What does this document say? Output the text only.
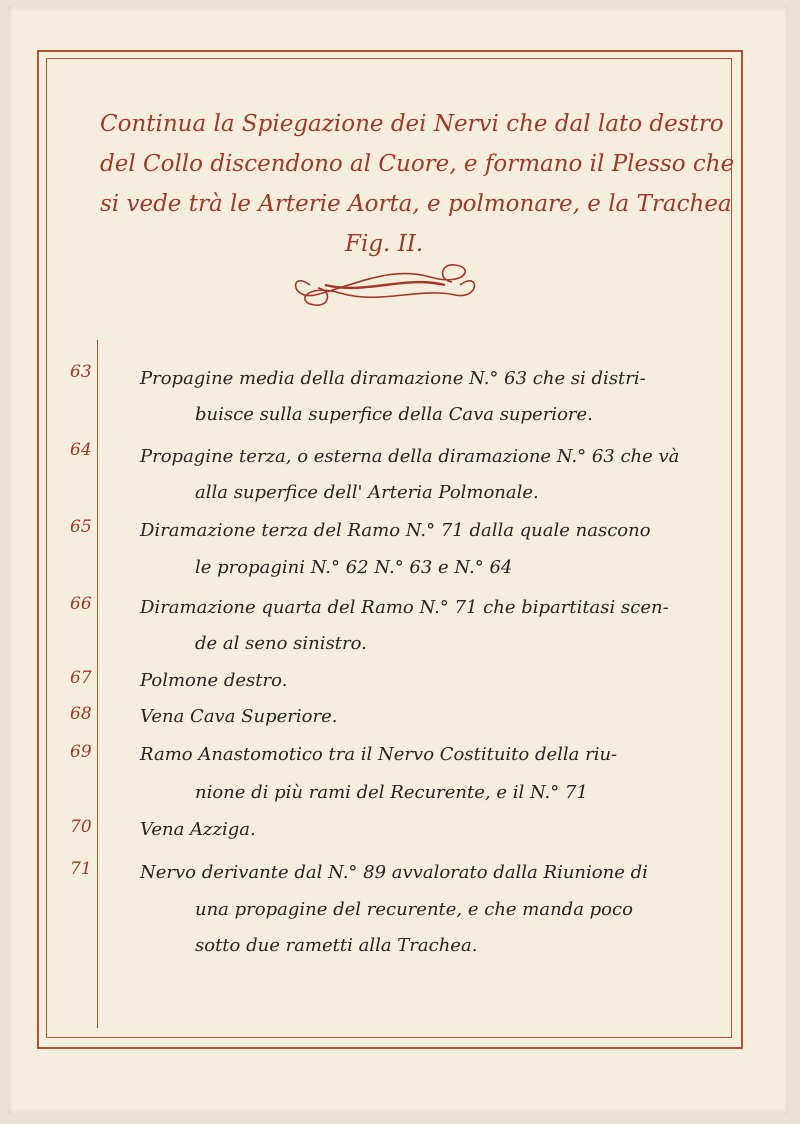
Continua la Spiegazione dei Nervi che dal lato destro
del Collo discendono al Cuore, e formano il Plesso che
si vede trà le Arterie Aorta, e polmonare, e la Trachea
Fig. II.
63	Propagine media della diramazione N.° 63 che si distri-
buisce sulla superfice della Cava superiore.
64	Propagine terza, o esterna della diramazione N.° 63 che và
alla superfice dell' Arteria Polmonale.
65	Diramazione terza del Ramo N.° 71 dalla quale nascono
le propagini N.° 62 N.° 63 e N.° 64
66	Diramazione quarta del Ramo N.° 71 che bipartitasi scen-
de al seno sinistro.
67	Polmone destro.
68	Vena Cava Superiore.
69	Ramo Anastomotico tra il Nervo Costituito della riu-
nione di più rami del Recurente, e il N.° 71
70	Vena Azziga.
71	Nervo derivante dal N.° 89 avvalorato dalla Riunione di
una propagine del recurente, e che manda poco
sotto due rametti alla Trachea.
